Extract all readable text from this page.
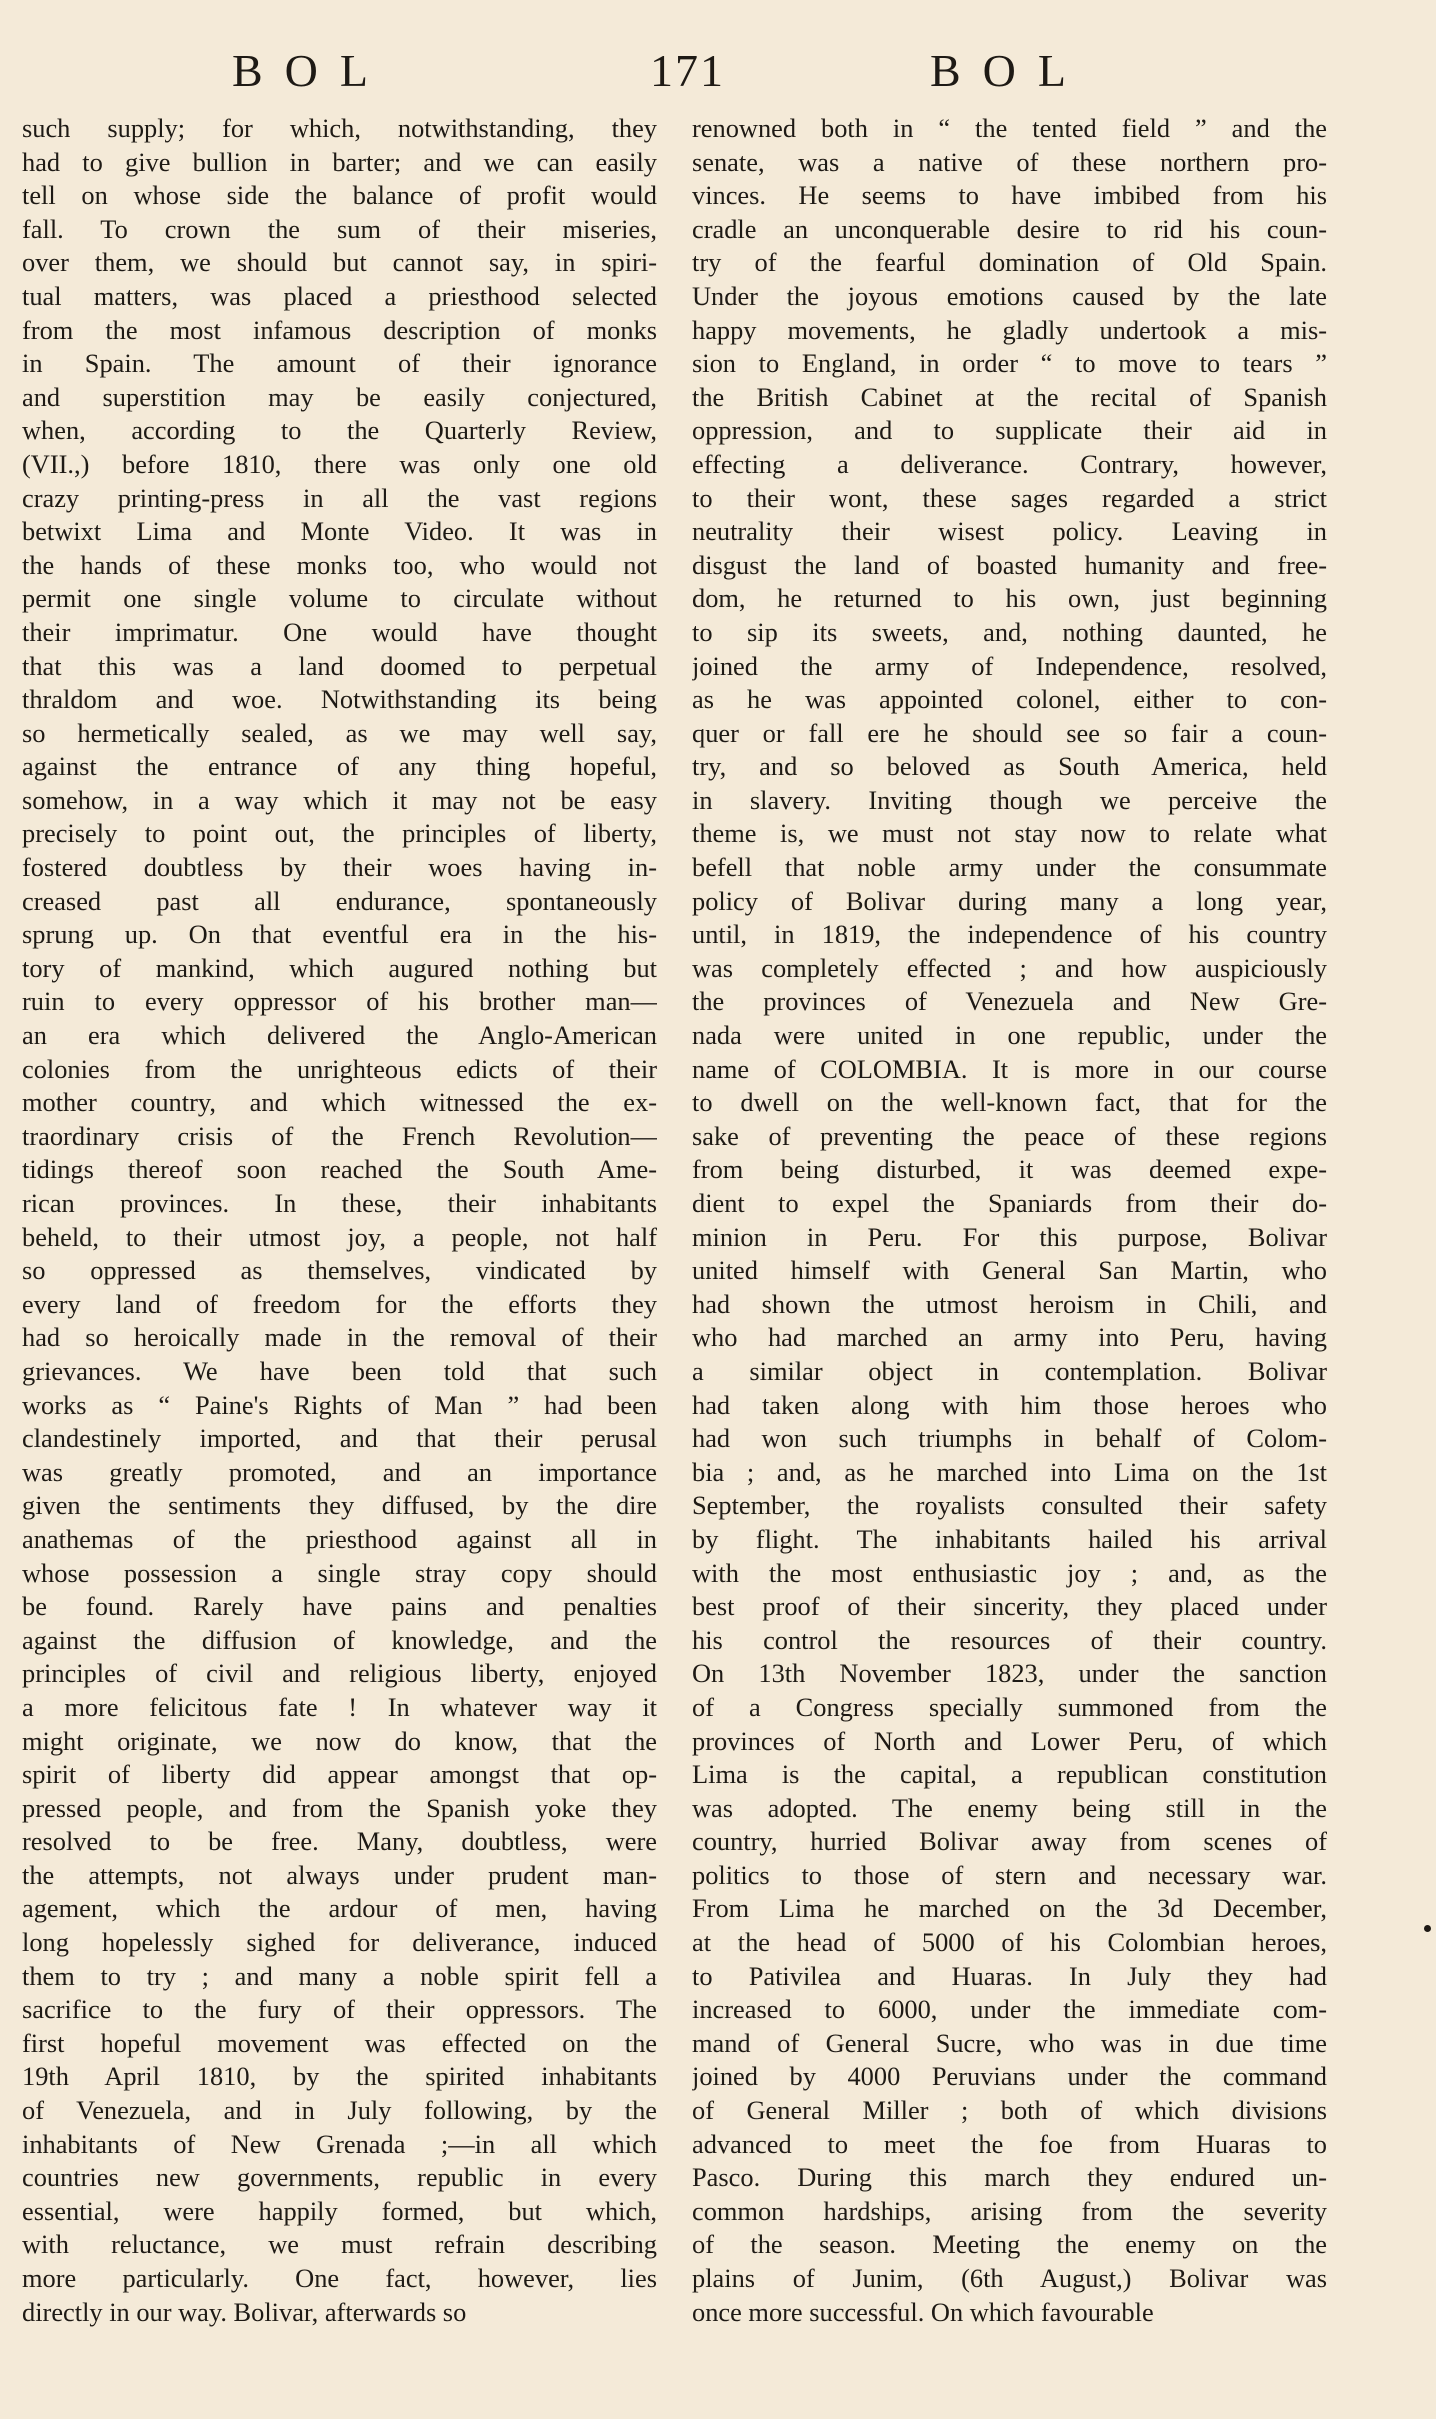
BOL	171	BOL
such supply; for which, notwithstanding, they
had to give bullion in barter; and we can easily
tell on whose side the balance of profit would
fall. To crown the sum of their miseries,
over them, we should but cannot say, in spiri-
tual matters, was placed a priesthood selected
from the most infamous description of monks
in Spain. The amount of their ignorance
and superstition may be easily conjectured,
when, according to the Quarterly Review,
(VII.,) before 1810, there was only one old
crazy printing-press in all the vast regions
betwixt Lima and Monte Video. It was in
the hands of these monks too, who would not
permit one single volume to circulate without
their imprimatur. One would have thought
that this was a land doomed to perpetual
thraldom and woe. Notwithstanding its being
so hermetically sealed, as we may well say,
against the entrance of any thing hopeful,
somehow, in a way which it may not be easy
precisely to point out, the principles of liberty,
fostered doubtless by their woes having in-
creased past all endurance, spontaneously
sprung up. On that eventful era in the his-
tory of mankind, which augured nothing but
ruin to every oppressor of his brother man—
an era which delivered the Anglo-American
colonies from the unrighteous edicts of their
mother country, and which witnessed the ex-
traordinary crisis of the French Revolution—
tidings thereof soon reached the South Ame-
rican provinces. In these, their inhabitants
beheld, to their utmost joy, a people, not half
so oppressed as themselves, vindicated by
every land of freedom for the efforts they
had so heroically made in the removal of their
grievances. We have been told that such
works as “ Paine's Rights of Man ” had been
clandestinely imported, and that their perusal
was greatly promoted, and an importance
given the sentiments they diffused, by the dire
anathemas of the priesthood against all in
whose possession a single stray copy should
be found. Rarely have pains and penalties
against the diffusion of knowledge, and the
principles of civil and religious liberty, enjoyed
a more felicitous fate ! In whatever way it
might originate, we now do know, that the
spirit of liberty did appear amongst that op-
pressed people, and from the Spanish yoke they
resolved to be free. Many, doubtless, were
the attempts, not always under prudent man-
agement, which the ardour of men, having
long hopelessly sighed for deliverance, induced
them to try ; and many a noble spirit fell a
sacrifice to the fury of their oppressors. The
first hopeful movement was effected on the
19th April 1810, by the spirited inhabitants
of Venezuela, and in July following, by the
inhabitants of New Grenada ;—in all which
countries new governments, republic in every
essential, were happily formed, but which,
with reluctance, we must refrain describing
more particularly. One fact, however, lies
directly in our way. Bolivar, afterwards so
renowned both in “ the tented field ” and the
senate, was a native of these northern pro-
vinces. He seems to have imbibed from his
cradle an unconquerable desire to rid his coun-
try of the fearful domination of Old Spain.
Under the joyous emotions caused by the late
happy movements, he gladly undertook a mis-
sion to England, in order “ to move to tears ”
the British Cabinet at the recital of Spanish
oppression, and to supplicate their aid in
effecting a deliverance. Contrary, however,
to their wont, these sages regarded a strict
neutrality their wisest policy. Leaving in
disgust the land of boasted humanity and free-
dom, he returned to his own, just beginning
to sip its sweets, and, nothing daunted, he
joined the army of Independence, resolved,
as he was appointed colonel, either to con-
quer or fall ere he should see so fair a coun-
try, and so beloved as South America, held
in slavery. Inviting though we perceive the
theme is, we must not stay now to relate what
befell that noble army under the consummate
policy of Bolivar during many a long year,
until, in 1819, the independence of his country
was completely effected ; and how auspiciously
the provinces of Venezuela and New Gre-
nada were united in one republic, under the
name of COLOMBIA. It is more in our course
to dwell on the well-known fact, that for the
sake of preventing the peace of these regions
from being disturbed, it was deemed expe-
dient to expel the Spaniards from their do-
minion in Peru. For this purpose, Bolivar
united himself with General San Martin, who
had shown the utmost heroism in Chili, and
who had marched an army into Peru, having
a similar object in contemplation. Bolivar
had taken along with him those heroes who
had won such triumphs in behalf of Colom-
bia ; and, as he marched into Lima on the 1st
September, the royalists consulted their safety
by flight. The inhabitants hailed his arrival
with the most enthusiastic joy ; and, as the
best proof of their sincerity, they placed under
his control the resources of their country.
On 13th November 1823, under the sanction
of a Congress specially summoned from the
provinces of North and Lower Peru, of which
Lima is the capital, a republican constitution
was adopted. The enemy being still in the
country, hurried Bolivar away from scenes of
politics to those of stern and necessary war.
From Lima he marched on the 3d December,
at the head of 5000 of his Colombian heroes,
to Pativilea and Huaras. In July they had
increased to 6000, under the immediate com-
mand of General Sucre, who was in due time
joined by 4000 Peruvians under the command
of General Miller ; both of which divisions
advanced to meet the foe from Huaras to
Pasco. During this march they endured un-
common hardships, arising from the severity
of the season. Meeting the enemy on the
plains of Junim, (6th August,) Bolivar was
once more successful. On which favourable
